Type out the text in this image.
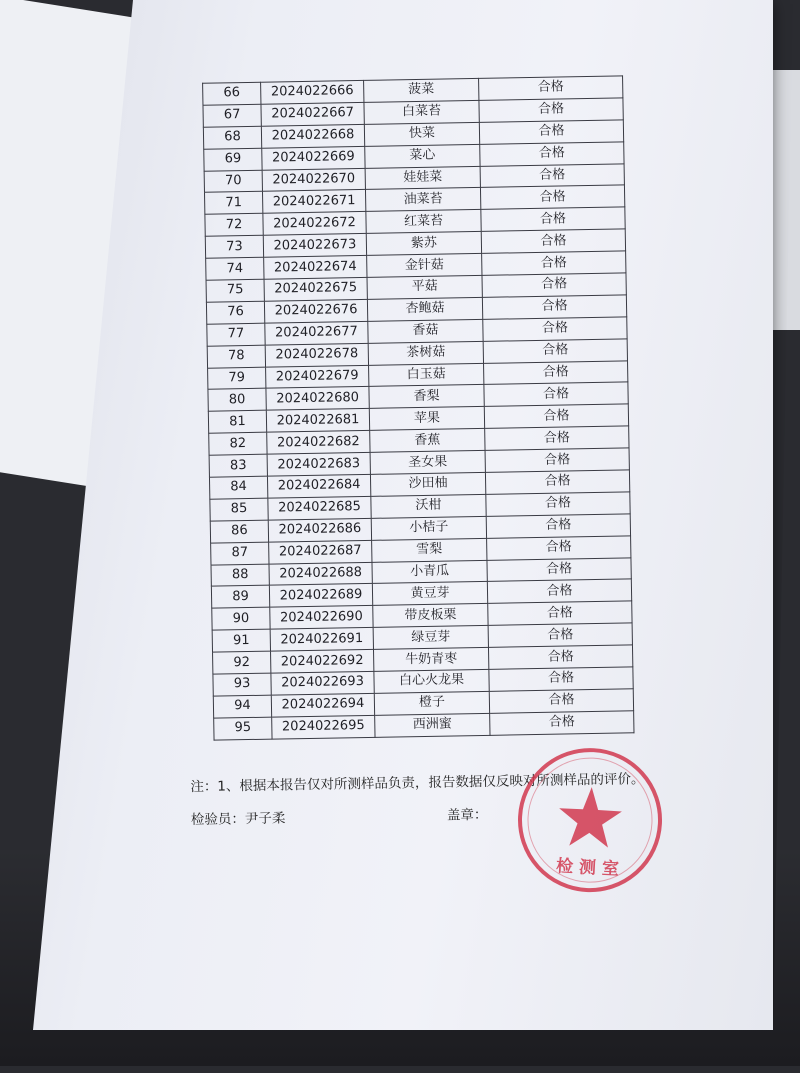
66	2024022666	菠菜	合格
67	2024022667	白菜苔	合格
68	2024022668	快菜	合格
69	2024022669	菜心	合格
70	2024022670	娃娃菜	合格
71	2024022671	油菜苔	合格
72	2024022672	红菜苔	合格
73	2024022673	紫苏	合格
74	2024022674	金针菇	合格
75	2024022675	平菇	合格
76	2024022676	杏鲍菇	合格
77	2024022677	香菇	合格
78	2024022678	茶树菇	合格
79	2024022679	白玉菇	合格
80	2024022680	香梨	合格
81	2024022681	苹果	合格
82	2024022682	香蕉	合格
83	2024022683	圣女果	合格
84	2024022684	沙田柚	合格
85	2024022685	沃柑	合格
86	2024022686	小桔子	合格
87	2024022687	雪梨	合格
88	2024022688	小青瓜	合格
89	2024022689	黄豆芽	合格
90	2024022690	带皮板栗	合格
91	2024022691	绿豆芽	合格
92	2024022692	牛奶青枣	合格
93	2024022693	白心火龙果	合格
94	2024022694	橙子	合格
95	2024022695	西洲蜜	合格
注：1、根据本报告仅对所测样品负责，报告数据仅反映对所测样品的评价。
检验员：尹子柔	盖章：
检 测 室
